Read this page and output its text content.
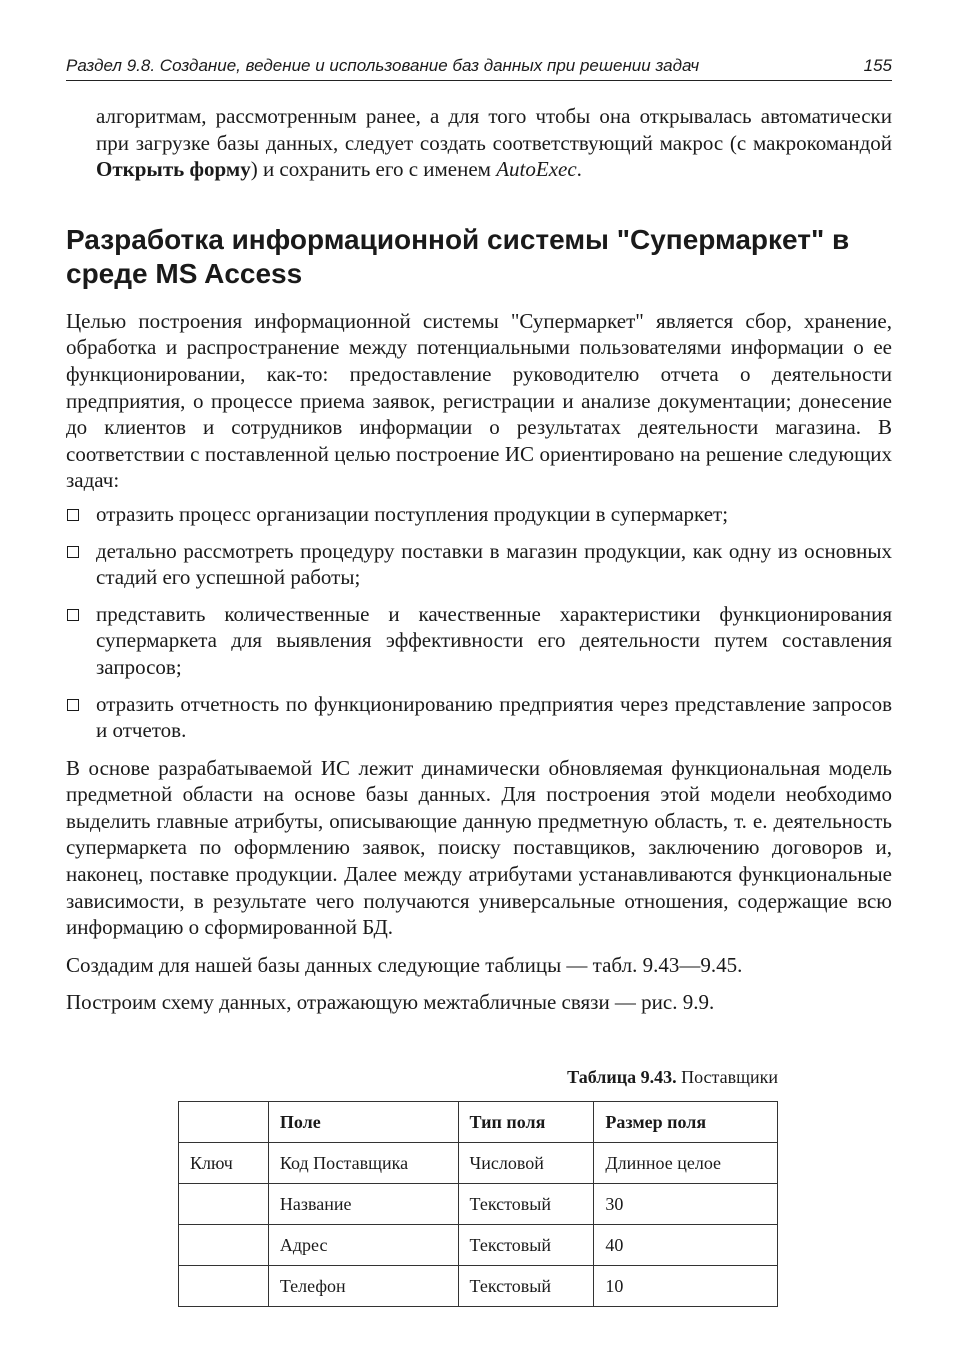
Раздел 9.8. Создание, ведение и использование баз данных при решении задач	155

алгоритмам, рассмотренным ранее, а для того чтобы она открывалась автоматически при загрузке базы данных, следует создать соответствующий макрос (с макрокомандой Открыть форму) и сохранить его с именем AutoExec.

Разработка информационной системы "Супермаркет" в среде MS Access

Целью построения информационной системы "Супермаркет" является сбор, хранение, обработка и распространение между потенциальными пользователями информации о ее функционировании, как-то: предоставление руководителю отчета о деятельности предприятия, о процессе приема заявок, регистрации и анализе документации; донесение до клиентов и сотрудников информации о результатах деятельности магазина. В соответствии с поставленной целью построение ИС ориентировано на решение следующих задач:

отразить процесс организации поступления продукции в супермаркет;
детально рассмотреть процедуру поставки в магазин продукции, как одну из основных стадий его успешной работы;
представить количественные и качественные характеристики функционирования супермаркета для выявления эффективности его деятельности путем составления запросов;
отразить отчетность по функционированию предприятия через представление запросов и отчетов.

В основе разрабатываемой ИС лежит динамически обновляемая функциональная модель предметной области на основе базы данных. Для построения этой модели необходимо выделить главные атрибуты, описывающие данную предметную область, т. е. деятельность супермаркета по оформлению заявок, поиску поставщиков, заключению договоров и, наконец, поставке продукции. Далее между атрибутами устанавливаются функциональные зависимости, в результате чего получаются универсальные отношения, содержащие всю информацию о сформированной БД.

Создадим для нашей базы данных следующие таблицы — табл. 9.43—9.45.

Построим схему данных, отражающую межтабличные связи — рис. 9.9.

Таблица 9.43. Поставщики
	Поле	Тип поля	Размер поля
Ключ	Код Поставщика	Числовой	Длинное целое
	Название	Текстовый	30
	Адрес	Текстовый	40
	Телефон	Текстовый	10
